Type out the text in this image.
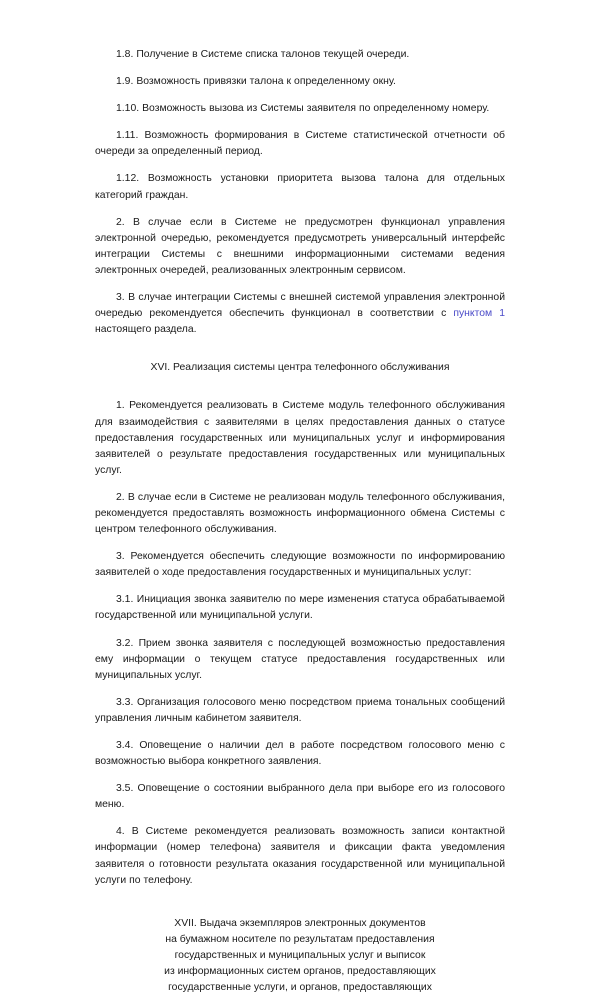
1.8. Получение в Системе списка талонов текущей очереди.

1.9. Возможность привязки талона к определенному окну.

1.10. Возможность вызова из Системы заявителя по определенному номеру.

1.11. Возможность формирования в Системе статистической отчетности об очереди за определенный период.

1.12. Возможность установки приоритета вызова талона для отдельных категорий граждан.

2. В случае если в Системе не предусмотрен функционал управления электронной очередью, рекомендуется предусмотреть универсальный интерфейс интеграции Системы с внешними информационными системами ведения электронных очередей, реализованных электронным сервисом.

3. В случае интеграции Системы с внешней системой управления электронной очередью рекомендуется обеспечить функционал в соответствии с пунктом 1 настоящего раздела.

XVI. Реализация системы центра телефонного обслуживания

1. Рекомендуется реализовать в Системе модуль телефонного обслуживания для взаимодействия с заявителями в целях предоставления данных о статусе предоставления государственных или муниципальных услуг и информирования заявителей о результате предоставления государственных или муниципальных услуг.

2. В случае если в Системе не реализован модуль телефонного обслуживания, рекомендуется предоставлять возможность информационного обмена Системы с центром телефонного обслуживания.

3. Рекомендуется обеспечить следующие возможности по информированию заявителей о ходе предоставления государственных и муниципальных услуг:

3.1. Инициация звонка заявителю по мере изменения статуса обрабатываемой государственной или муниципальной услуги.

3.2. Прием звонка заявителя с последующей возможностью предоставления ему информации о текущем статусе предоставления государственных или муниципальных услуг.

3.3. Организация голосового меню посредством приема тональных сообщений управления личным кабинетом заявителя.

3.4. Оповещение о наличии дел в работе посредством голосового меню с возможностью выбора конкретного заявления.

3.5. Оповещение о состоянии выбранного дела при выборе его из голосового меню.

4. В Системе рекомендуется реализовать возможность записи контактной информации (номер телефона) заявителя и фиксации факта уведомления заявителя о готовности результата оказания государственной или муниципальной услуги по телефону.

XVII. Выдача экземпляров электронных документов
на бумажном носителе по результатам предоставления
государственных и муниципальных услуг и выписок
из информационных систем органов, предоставляющих
государственные услуги, и органов, предоставляющих
